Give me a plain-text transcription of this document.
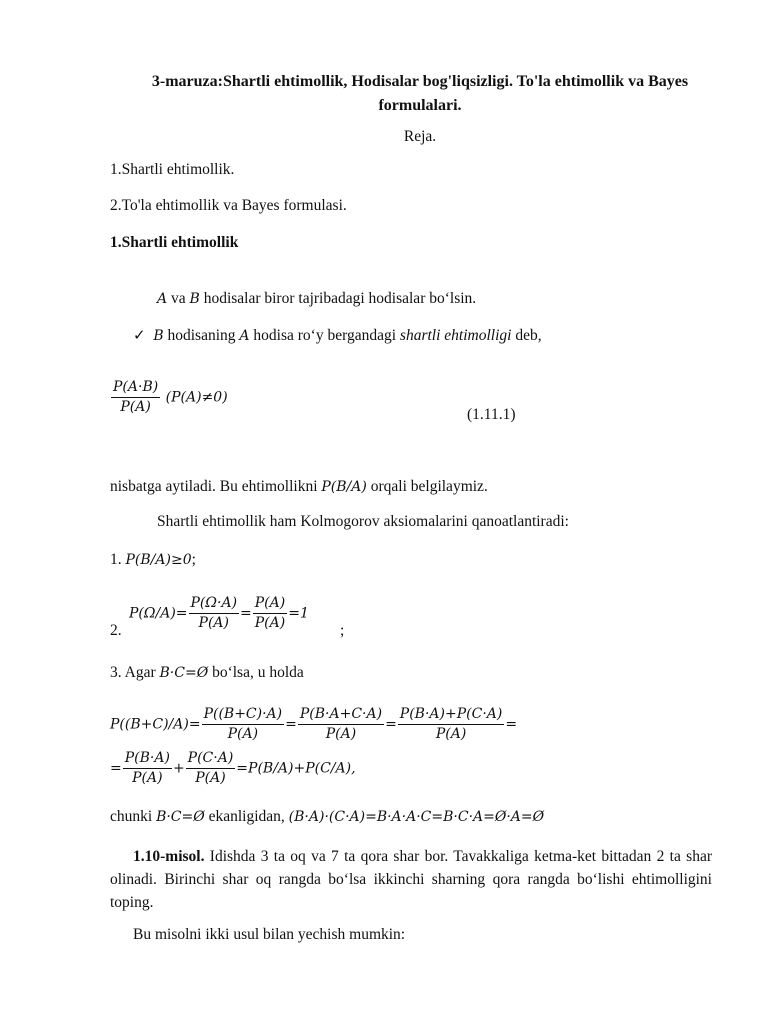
3-maruza:Shartli ehtimollik, Hodisalar bog'liqsizligi. To'la ehtimollik va Bayes formulalari.
Reja.
1.Shartli ehtimollik.
2.To'la ehtimollik va Bayes formulasi.
1.Shartli ehtimollik
A va B hodisalar biror tajribadagi hodisalar bo‘lsin.
✓ B hodisaning A hodisa ro‘y bergandagi shartli ehtimolligi deb,
$\frac{P(A\cdot B)}{P(A)} (P(A)\ne 0)$
(1.11.1)
nisbatga aytiladi. Bu ehtimollikni P(B/A) orqali belgilaymiz.
Shartli ehtimollik ham Kolmogorov aksiomalarini qanoatlantiradi:
1. P(B/A)≥0;
2.
$P(\Omega/A)= \frac{P(\Omega\cdot A)}{P(A)} = \frac{P(A)}{P(A)} =1$
;
3. Agar B·C=Ø bo‘lsa, u holda
$P((B+C)/A)= \frac{P((B+C)\cdot A)}{P(A)} = \frac{P(B\cdot A+C\cdot A)}{P(A)} = \frac{P(B\cdot A)+P(C\cdot A)}{P(A)}$ =
= $\frac{P(B\cdot A)}{P(A)} + \frac{P(C\cdot A)}{P(A)} =P(B/A)+P(C/A)$,
chunki B·C=Ø ekanligidan, (B·A)·(C·A)=B·A·A·C=B·C·A=Ø·A=Ø
1.10-misol. Idishda 3 ta oq va 7 ta qora shar bor. Tavakkaliga ketma-ket bittadan 2 ta shar olinadi. Birinchi shar oq rangda bo‘lsa ikkinchi sharning qora rangda bo‘lishi ehtimolligini toping.
Bu misolni ikki usul bilan yechish mumkin:
